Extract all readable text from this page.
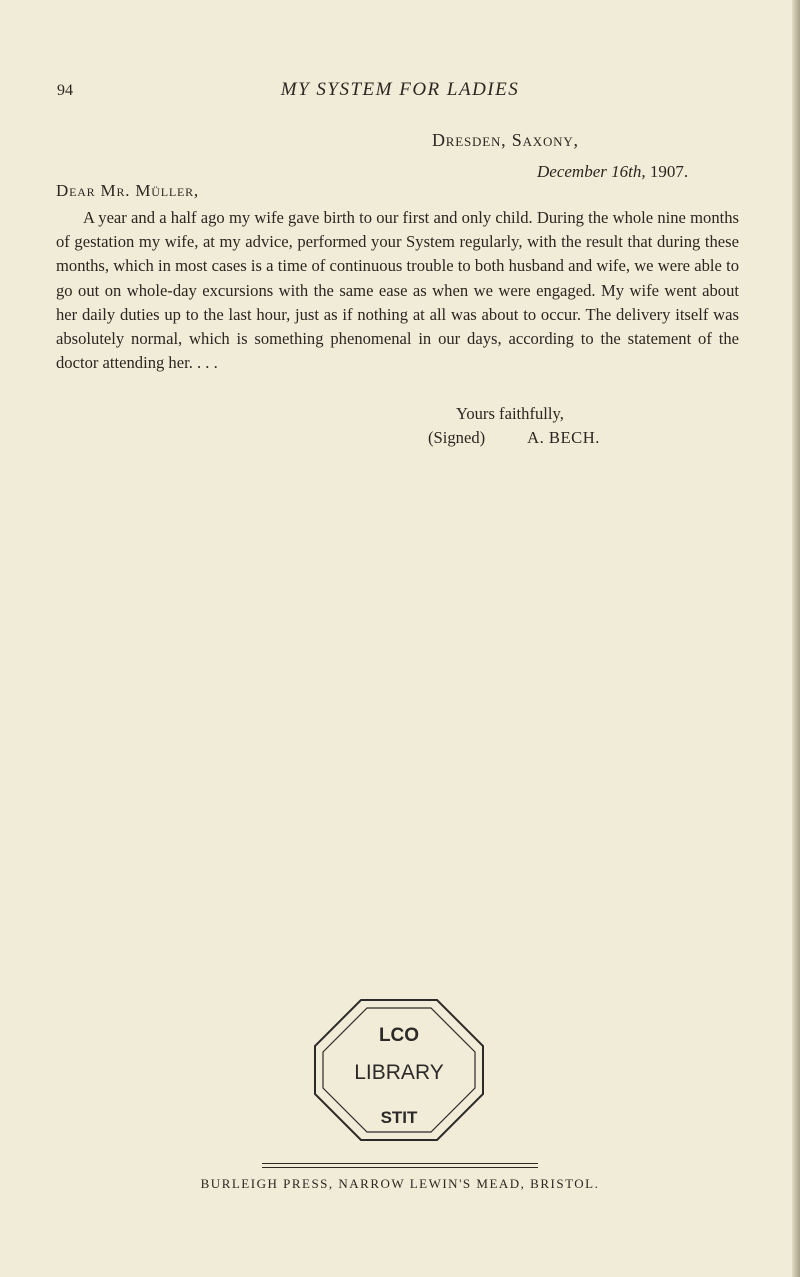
94	MY SYSTEM FOR LADIES
Dresden, Saxony,
December 16th, 1907.
Dear Mr. Müller,

A year and a half ago my wife gave birth to our first and only child. During the whole nine months of gestation my wife, at my advice, performed your System regularly, with the result that during these months, which in most cases is a time of continuous trouble to both husband and wife, we were able to go out on whole-day excursions with the same ease as when we were engaged. My wife went about her daily duties up to the last hour, just as if nothing at all was about to occur. The delivery itself was absolutely normal, which is something phenomenal in our days, according to the statement of the doctor attending her. . . .

Yours faithfully,
(Signed)	A. BECH.
LCO
LIBRARY
STIT
BURLEIGH PRESS, NARROW LEWIN'S MEAD, BRISTOL.
